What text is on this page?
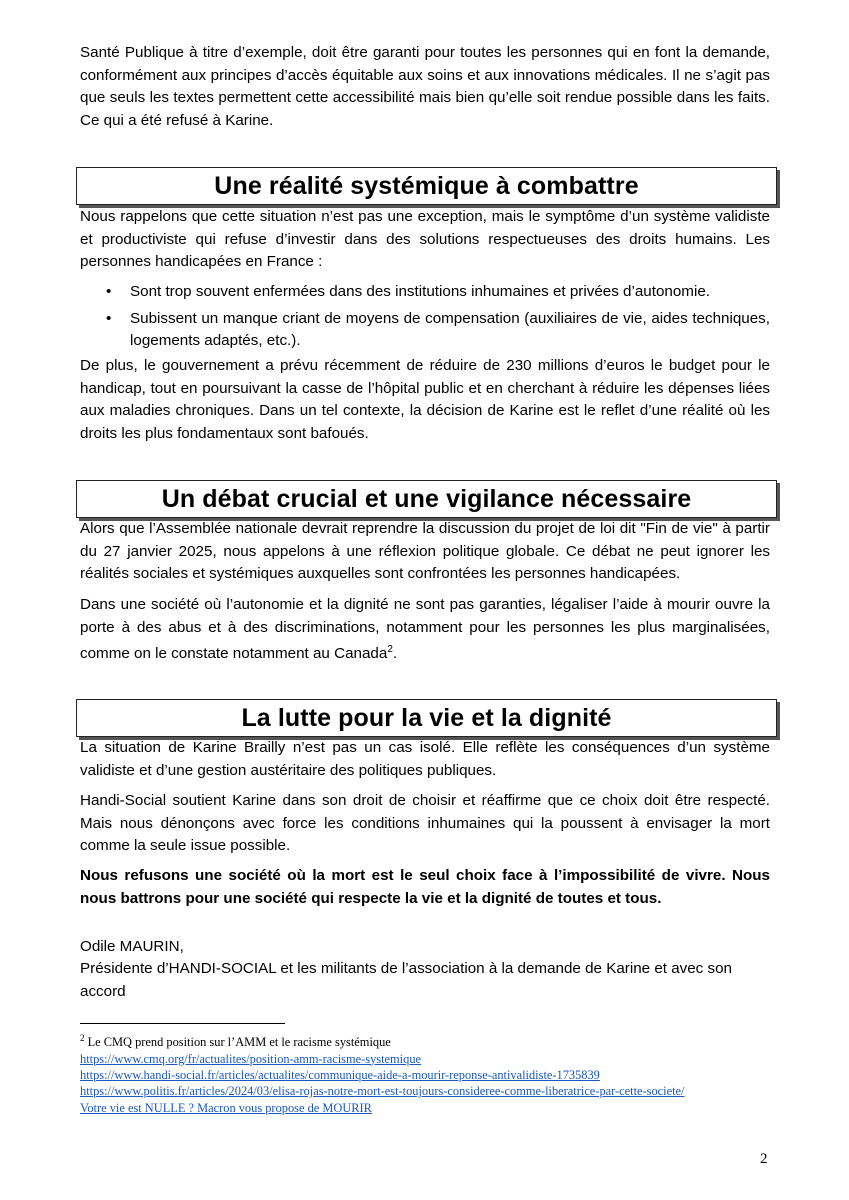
Santé Publique à titre d’exemple, doit être garanti pour toutes les personnes qui en font la demande, conformément aux principes d’accès équitable aux soins et aux innovations médicales. Il ne s’agit pas que seuls les textes permettent cette accessibilité mais bien qu’elle soit rendue possible dans les faits. Ce qui a été refusé à Karine.

Une réalité systémique à combattre

Nous rappelons que cette situation n’est pas une exception, mais le symptôme d’un système validiste et productiviste qui refuse d’investir dans des solutions respectueuses des droits humains. Les personnes handicapées en France :

• Sont trop souvent enfermées dans des institutions inhumaines et privées d’autonomie.
• Subissent un manque criant de moyens de compensation (auxiliaires de vie, aides techniques, logements adaptés, etc.).

De plus, le gouvernement a prévu récemment de réduire de 230 millions d’euros le budget pour le handicap, tout en poursuivant la casse de l’hôpital public et en cherchant à réduire les dépenses liées aux maladies chroniques. Dans un tel contexte, la décision de Karine est le reflet d’une réalité où les droits les plus fondamentaux sont bafoués.

Un débat crucial et une vigilance nécessaire

Alors que l’Assemblée nationale devrait reprendre la discussion du projet de loi dit "Fin de vie" à partir du 27 janvier 2025, nous appelons à une réflexion politique globale. Ce débat ne peut ignorer les réalités sociales et systémiques auxquelles sont confrontées les personnes handicapées.

Dans une société où l’autonomie et la dignité ne sont pas garanties, légaliser l’aide à mourir ouvre la porte à des abus et à des discriminations, notamment pour les personnes les plus marginalisées, comme on le constate notamment au Canada$^2$.

La lutte pour la vie et la dignité

La situation de Karine Brailly n’est pas un cas isolé. Elle reflète les conséquences d’un système validiste et d’une gestion austéritaire des politiques publiques.

Handi-Social soutient Karine dans son droit de choisir et réaffirme que ce choix doit être respecté. Mais nous dénonçons avec force les conditions inhumaines qui la poussent à envisager la mort comme la seule issue possible.

Nous refusons une société où la mort est le seul choix face à l’impossibilité de vivre. Nous nous battrons pour une société qui respecte la vie et la dignité de toutes et tous.

Odile MAURIN,

Présidente d’HANDI-SOCIAL et les militants de l’association à la demande de Karine et avec son accord

$^2$ Le CMQ prend position sur l’AMM et le racisme systémique
https://www.cmq.org/fr/actualites/position-amm-racisme-systemique
https://www.handi-social.fr/articles/actualites/communique-aide-a-mourir-reponse-antivalidiste-1735839
https://www.politis.fr/articles/2024/03/elisa-rojas-notre-mort-est-toujours-consideree-comme-liberatrice-par-cette-societe/
Votre vie est NULLE ? Macron vous propose de MOURIR
2
